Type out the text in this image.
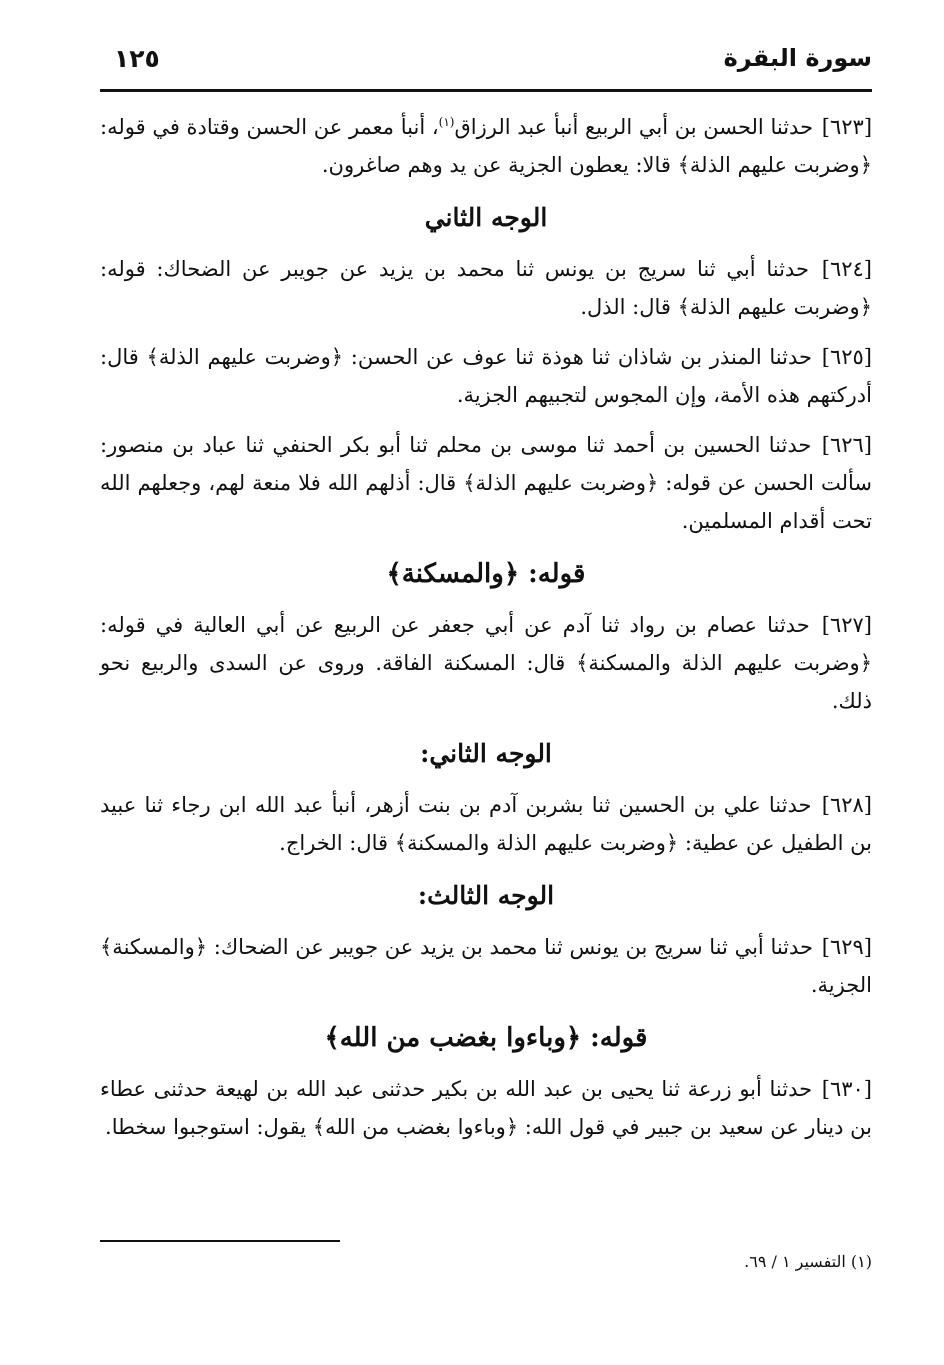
سورة البقرة
١٢٥

[٦٢٣] حدثنا الحسن بن أبي الربيع أنبأ عبد الرزاق$^{(١)}$، أنبأ معمر عن الحسن وقتادة في قوله: ﴿وضربت عليهم الذلة﴾ قالا: يعطون الجزية عن يد وهم صاغرون.

الوجه الثاني

[٦٢٤] حدثنا أبي ثنا سريج بن يونس ثنا محمد بن يزيد عن جويبر عن الضحاك: قوله: ﴿وضربت عليهم الذلة﴾ قال: الذل.

[٦٢٥] حدثنا المنذر بن شاذان ثنا هوذة ثنا عوف عن الحسن: ﴿وضربت عليهم الذلة﴾ قال: أدركتهم هذه الأمة، وإن المجوس لتجبيهم الجزية.

[٦٢٦] حدثنا الحسين بن أحمد ثنا موسى بن محلم ثنا أبو بكر الحنفي ثنا عباد بن منصور: سألت الحسن عن قوله: ﴿وضربت عليهم الذلة﴾ قال: أذلهم الله فلا منعة لهم، وجعلهم الله تحت أقدام المسلمين.

قوله: ﴿والمسكنة﴾

[٦٢٧] حدثنا عصام بن رواد ثنا آدم عن أبي جعفر عن الربيع عن أبي العالية في قوله: ﴿وضربت عليهم الذلة والمسكنة﴾ قال: المسكنة الفاقة. وروى عن السدى والربيع نحو ذلك.

الوجه الثاني:

[٦٢٨] حدثنا علي بن الحسين ثنا بشربن آدم بن بنت أزهر، أنبأ عبد الله ابن رجاء ثنا عبيد بن الطفيل عن عطية: ﴿وضربت عليهم الذلة والمسكنة﴾ قال: الخراج.

الوجه الثالث:

[٦٢٩] حدثنا أبي ثنا سريج بن يونس ثنا محمد بن يزيد عن جويبر عن الضحاك: ﴿والمسكنة﴾ الجزية.

قوله: ﴿وباءوا بغضب من الله﴾

[٦٣٠] حدثنا أبو زرعة ثنا يحيى بن عبد الله بن بكير حدثنى عبد الله بن لهيعة حدثنى عطاء بن دينار عن سعيد بن جبير في قول الله: ﴿وباءوا بغضب من الله﴾ يقول: استوجبوا سخطا.

(١) التفسير ١ / ٦٩.
